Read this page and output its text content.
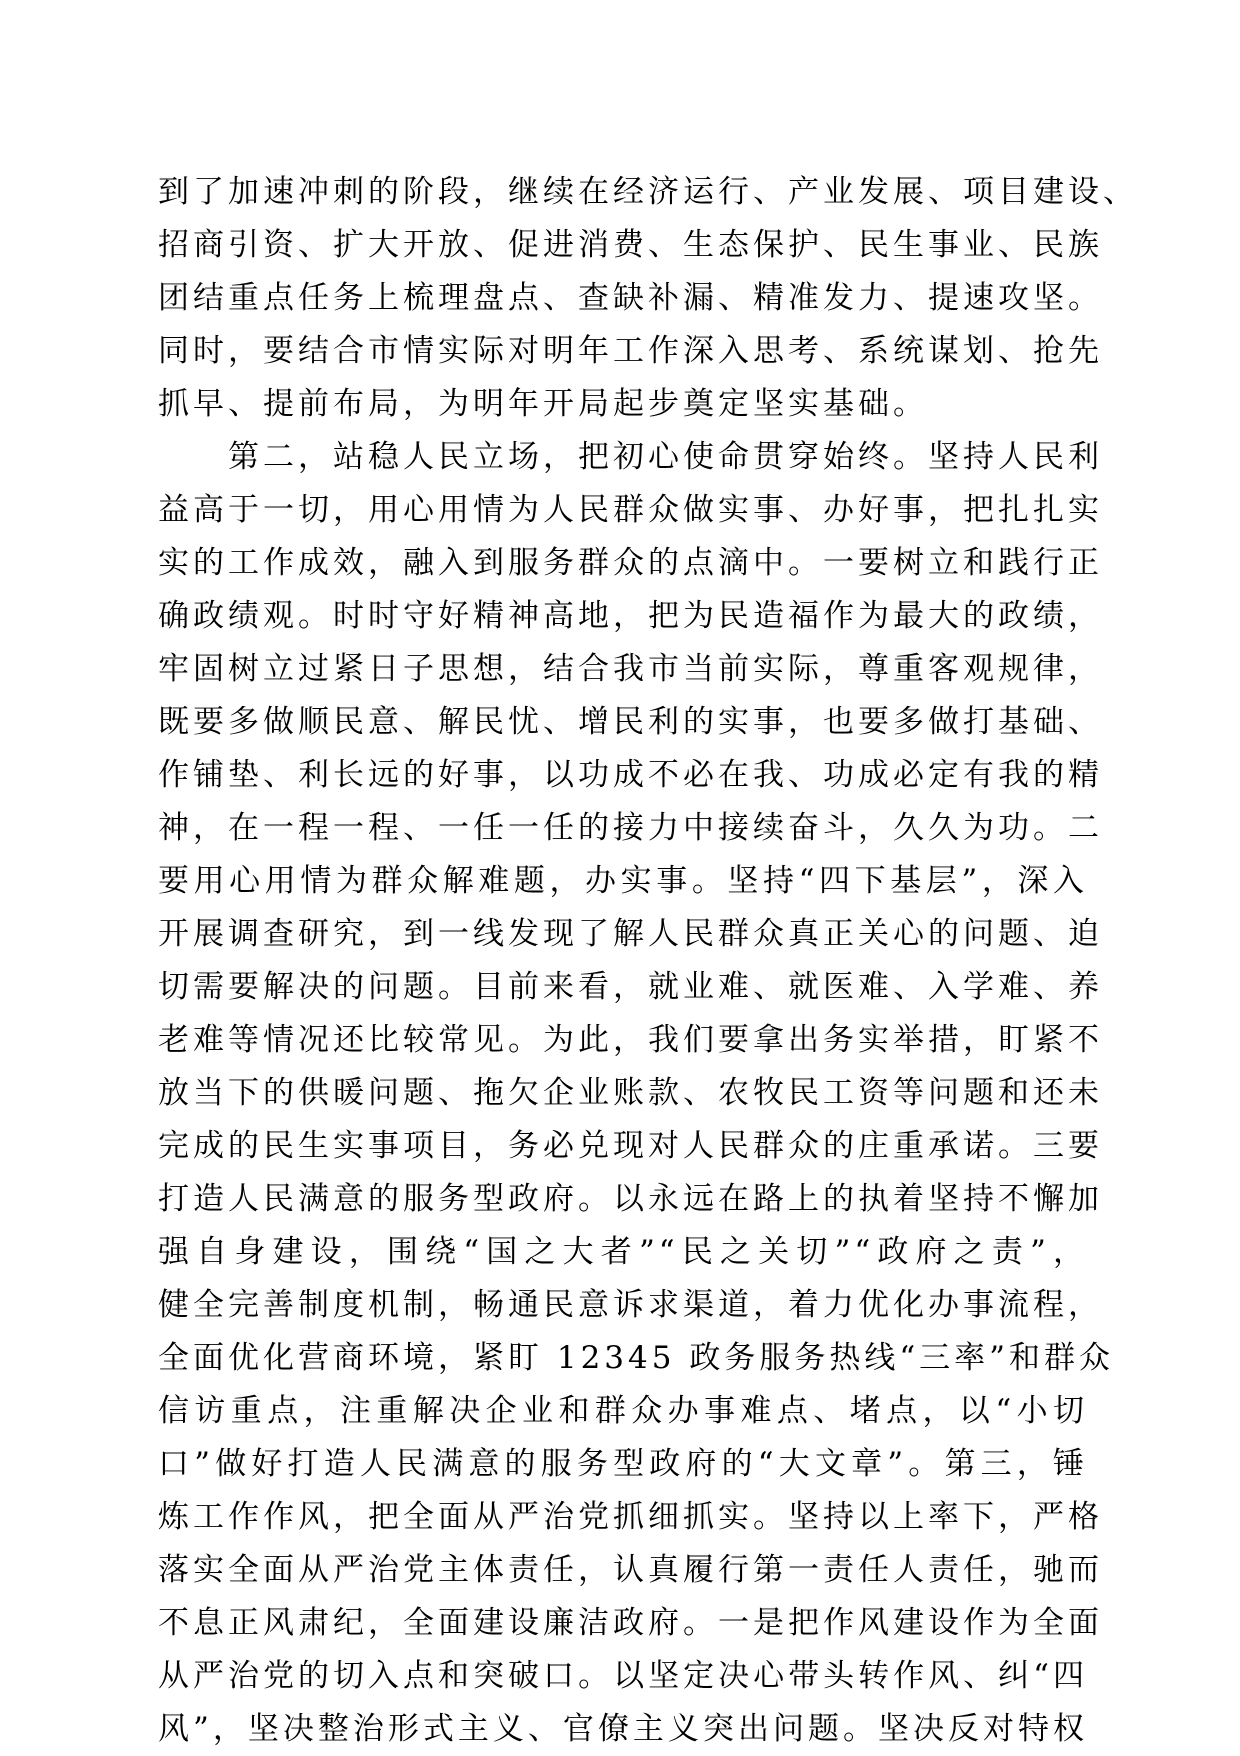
到了加速冲刺的阶段，继续在经济运行、产业发展、项目建设、
招商引资、扩大开放、促进消费、生态保护、民生事业、民族
团结重点任务上梳理盘点、查缺补漏、精准发力、提速攻坚。
同时，要结合市情实际对明年工作深入思考、系统谋划、抢先
抓早、提前布局，为明年开局起步奠定坚实基础。
第二，站稳人民立场，把初心使命贯穿始终。坚持人民利
益高于一切，用心用情为人民群众做实事、办好事，把扎扎实
实的工作成效，融入到服务群众的点滴中。一要树立和践行正
确政绩观。时时守好精神高地，把为民造福作为最大的政绩，
牢固树立过紧日子思想，结合我市当前实际，尊重客观规律，
既要多做顺民意、解民忧、增民利的实事，也要多做打基础、
作铺垫、利长远的好事，以功成不必在我、功成必定有我的精
神，在一程一程、一任一任的接力中接续奋斗，久久为功。二
要用心用情为群众解难题，办实事。坚持“四下基层”，深入
开展调查研究，到一线发现了解人民群众真正关心的问题、迫
切需要解决的问题。目前来看，就业难、就医难、入学难、养
老难等情况还比较常见。为此，我们要拿出务实举措，盯紧不
放当下的供暖问题、拖欠企业账款、农牧民工资等问题和还未
完成的民生实事项目，务必兑现对人民群众的庄重承诺。三要
打造人民满意的服务型政府。以永远在路上的执着坚持不懈加
强自身建设，围绕“国之大者”“民之关切”“政府之责”，
健全完善制度机制，畅通民意诉求渠道，着力优化办事流程，
全面优化营商环境，紧盯 12345 政务服务热线“三率”和群众
信访重点，注重解决企业和群众办事难点、堵点，以“小切
口”做好打造人民满意的服务型政府的“大文章”。第三，锤
炼工作作风，把全面从严治党抓细抓实。坚持以上率下，严格
落实全面从严治党主体责任，认真履行第一责任人责任，驰而
不息正风肃纪，全面建设廉洁政府。一是把作风建设作为全面
从严治党的切入点和突破口。以坚定决心带头转作风、纠“四
风”，坚决整治形式主义、官僚主义突出问题。坚决反对特权
